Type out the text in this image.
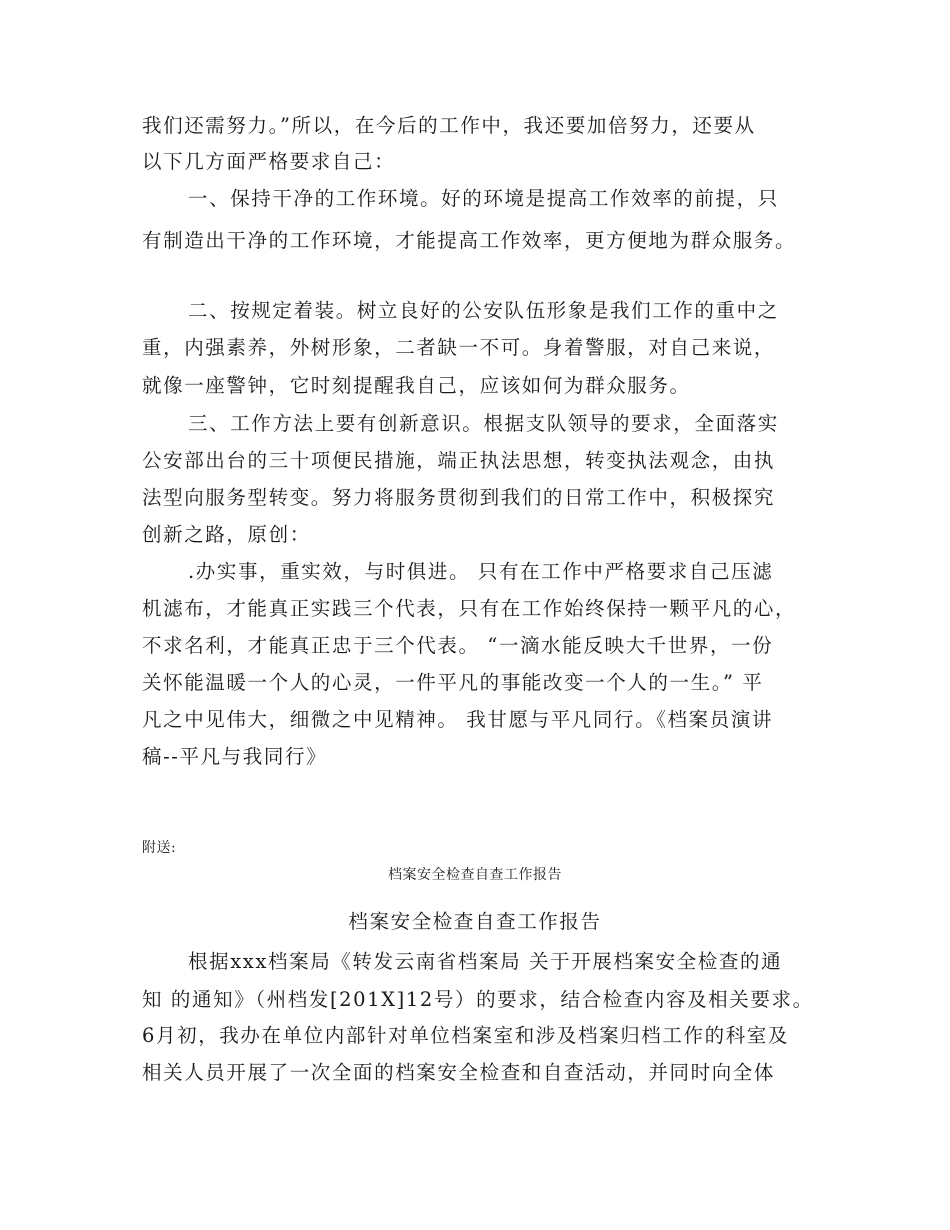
我们还需努力。”所以，在今后的工作中，我还要加倍努力，还要从
以下几方面严格要求自己：
一、保持干净的工作环境。好的环境是提高工作效率的前提，只
有制造出干净的工作环境，才能提高工作效率，更方便地为群众服务。
二、按规定着装。树立良好的公安队伍形象是我们工作的重中之
重，内强素养，外树形象，二者缺一不可。身着警服，对自己来说，
就像一座警钟，它时刻提醒我自己，应该如何为群众服务。
三、工作方法上要有创新意识。根据支队领导的要求，全面落实
公安部出台的三十项便民措施，端正执法思想，转变执法观念，由执
法型向服务型转变。努力将服务贯彻到我们的日常工作中，积极探究
创新之路，原创：
.办实事，重实效，与时俱进。 只有在工作中严格要求自己压滤
机滤布，才能真正实践三个代表，只有在工作始终保持一颗平凡的心，
不求名利，才能真正忠于三个代表。 “一滴水能反映大千世界，一份
关怀能温暖一个人的心灵，一件平凡的事能改变一个人的一生。” 平
凡之中见伟大，细微之中见精神。 我甘愿与平凡同行。《档案员演讲
稿--平凡与我同行》
附送:
档案安全检查自查工作报告
档案安全检查自查工作报告
根据xxx档案局《转发云南省档案局 关于开展档案安全检查的通
知 的通知》（州档发[201X]12号）的要求，结合检查内容及相关要求。
6月初，我办在单位内部针对单位档案室和涉及档案归档工作的科室及
相关人员开展了一次全面的档案安全检查和自查活动，并同时向全体
